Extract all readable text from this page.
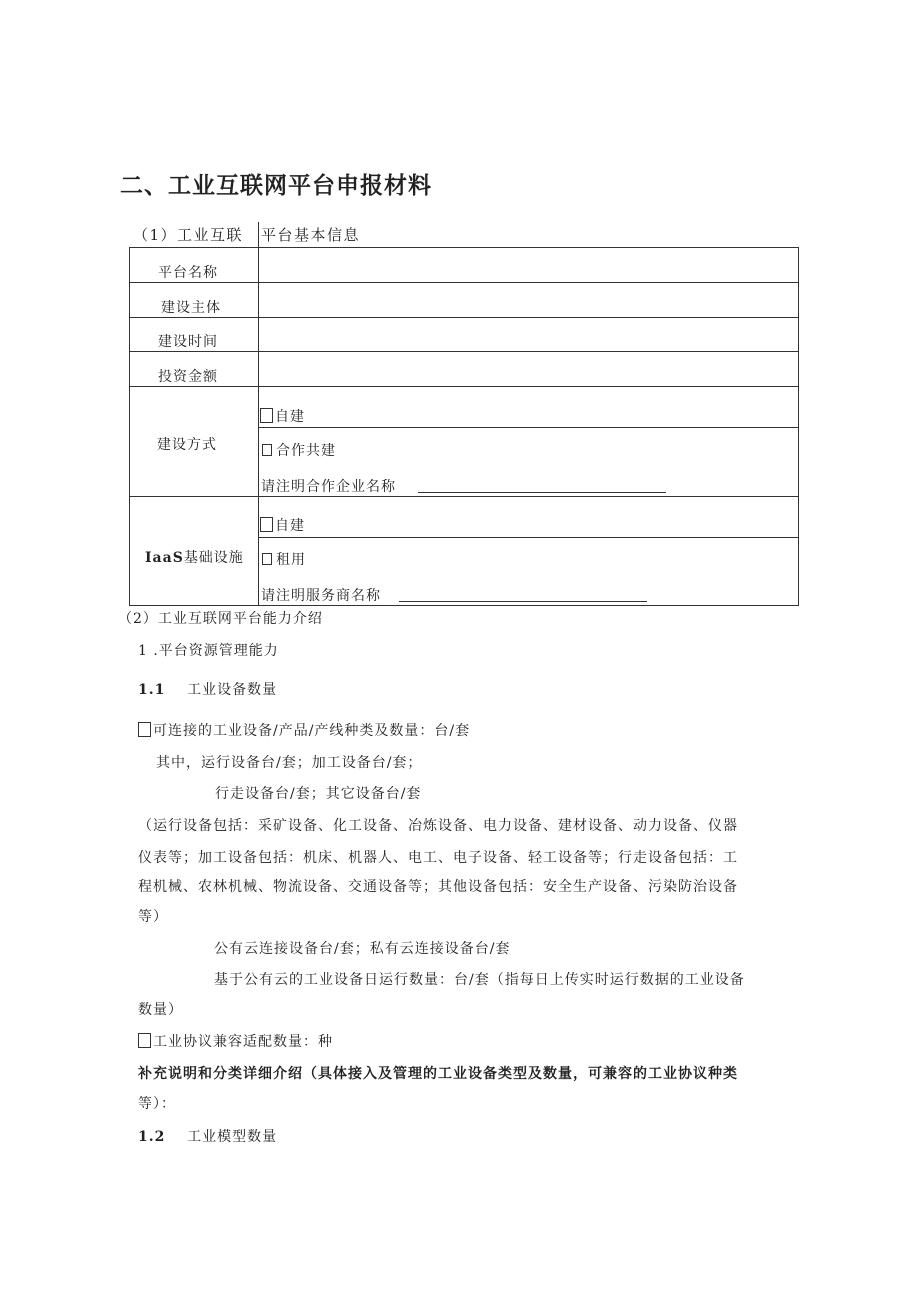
二、工业互联网平台申报材料
（1）工业互联 平台基本信息
平台名称
建设主体
建设时间
投资金额
建设方式
IaaS基础设施
自建
合作共建
请注明合作企业名称
自建
租用
请注明服务商名称
（2）工业互联网平台能力介绍
1 .平台资源管理能力
1.1 工业设备数量
可连接的工业设备/产品/产线种类及数量：台/套
其中，运行设备台/套；加工设备台/套；
行走设备台/套；其它设备台/套
（运行设备包括：采矿设备、化工设备、冶炼设备、电力设备、建材设备、动力设备、仪器
仪表等；加工设备包括：机床、机器人、电工、电子设备、轻工设备等；行走设备包括：工
程机械、农林机械、物流设备、交通设备等；其他设备包括：安全生产设备、污染防治设备
等）
公有云连接设备台/套；私有云连接设备台/套
基于公有云的工业设备日运行数量：台/套（指每日上传实时运行数据的工业设备
数量）
工业协议兼容适配数量：种
补充说明和分类详细介绍（具体接入及管理的工业设备类型及数量，可兼容的工业协议种类
等）：
1.2 工业模型数量
